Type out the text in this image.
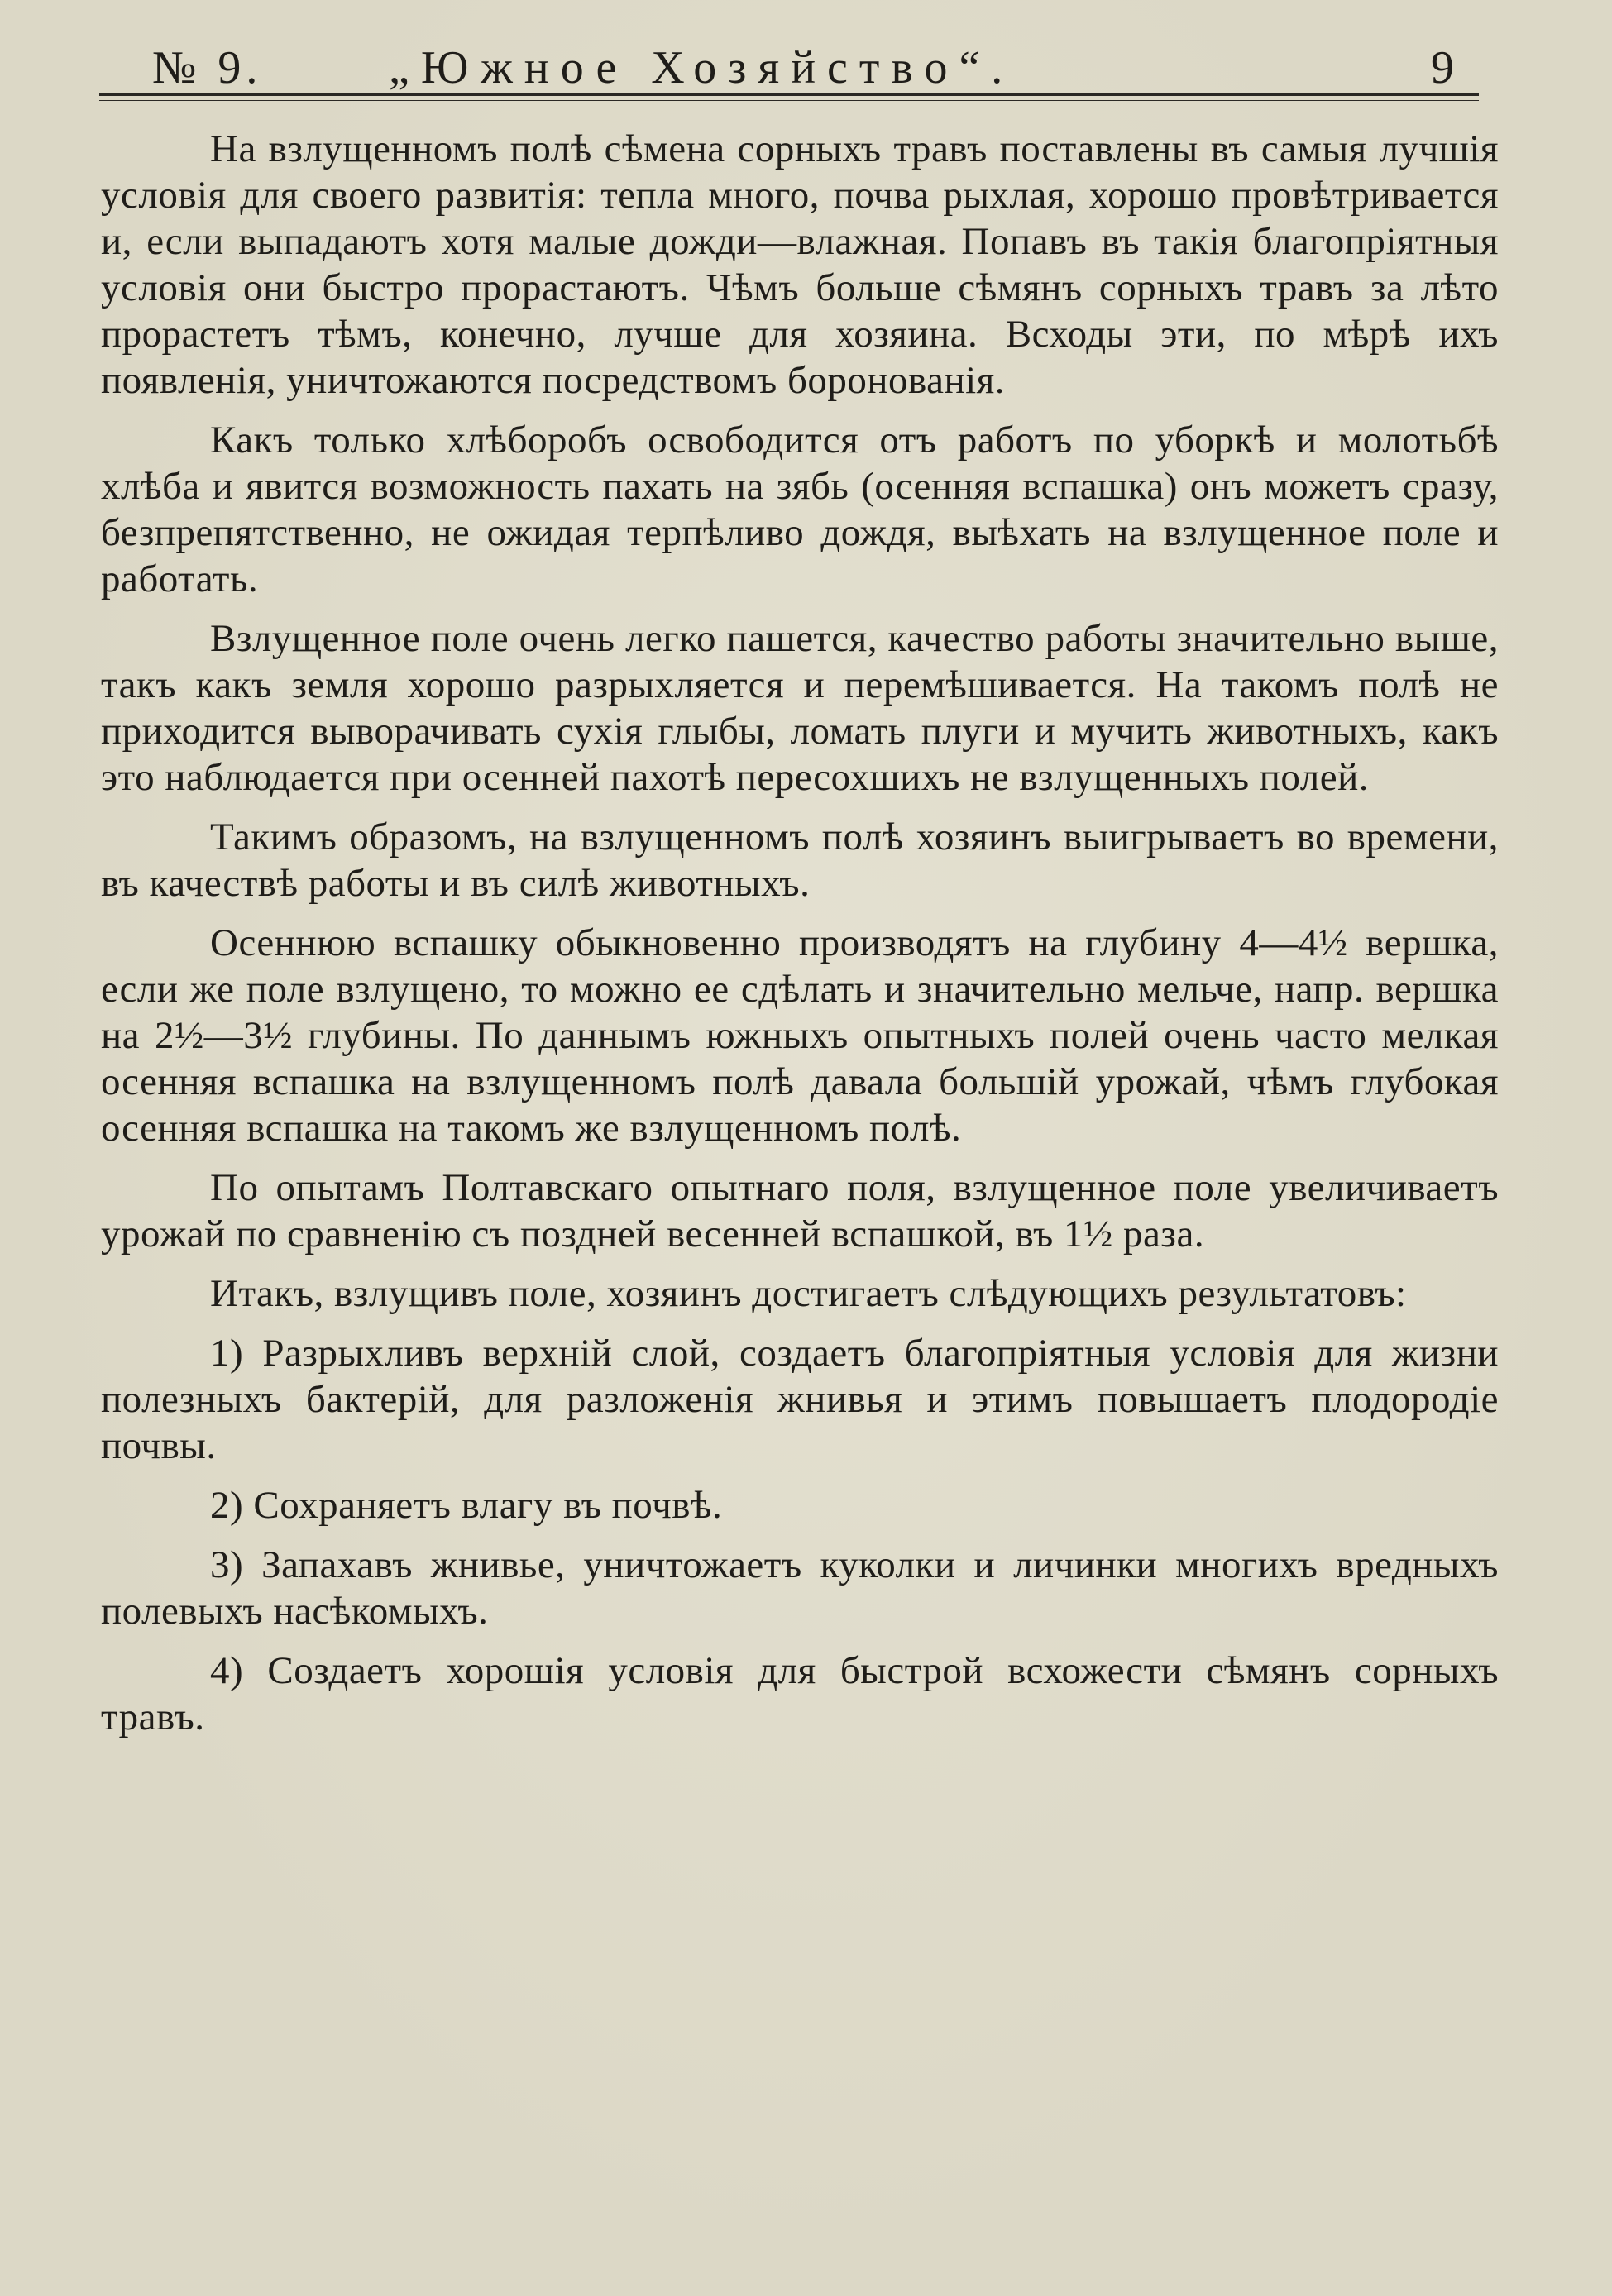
№ 9.	„Южное Хозяйство“.	9

На взлущенномъ полѣ сѣмена сорныхъ травъ поставлены въ самыя лучшія условія для своего развитія: тепла много, почва рыхлая, хорошо провѣтривается и, если выпадаютъ хотя малые дожди—влажная. Попавъ въ такія благопріятныя условія они быстро прорастаютъ. Чѣмъ больше сѣмянъ сорныхъ травъ за лѣто прорастетъ тѣмъ, конечно, лучше для хозяина. Всходы эти, по мѣрѣ ихъ появленія, уничтожаются посредствомъ боронованія.

Какъ только хлѣборобъ освободится отъ работъ по уборкѣ и молотьбѣ хлѣба и явится возможность пахать на зябь (осенняя вспашка) онъ можетъ сразу, безпрепятственно, не ожидая терпѣливо дождя, выѣхать на взлущенное поле и работать.

Взлущенное поле очень легко пашется, качество работы значительно выше, такъ какъ земля хорошо разрыхляется и перемѣшивается. На такомъ полѣ не приходится выворачивать сухія глыбы, ломать плуги и мучить животныхъ, какъ это наблюдается при осенней пахотѣ пересохшихъ не взлущенныхъ полей.

Такимъ образомъ, на взлущенномъ полѣ хозяинъ выигрываетъ во времени, въ качествѣ работы и въ силѣ животныхъ.

Осеннюю вспашку обыкновенно производятъ на глубину 4—4½ вершка, если же поле взлущено, то можно ее сдѣлать и значительно мельче, напр. вершка на 2½—3½ глубины. По даннымъ южныхъ опытныхъ полей очень часто мелкая осенняя вспашка на взлущенномъ полѣ давала большій урожай, чѣмъ глубокая осенняя вспашка на такомъ же взлущенномъ полѣ.

По опытамъ Полтавскаго опытнаго поля, взлущенное поле увеличиваетъ урожай по сравненію съ поздней весенней вспашкой, въ 1½ раза.

Итакъ, взлущивъ поле, хозяинъ достигаетъ слѣдующихъ результатовъ:

1) Разрыхливъ верхній слой, создаетъ благопріятныя условія для жизни полезныхъ бактерій, для разложенія жнивья и этимъ повышаетъ плодородіе почвы.

2) Сохраняетъ влагу въ почвѣ.

3) Запахавъ жнивье, уничтожаетъ куколки и личинки многихъ вредныхъ полевыхъ насѣкомыхъ.

4) Создаетъ хорошія условія для быстрой всхожести сѣмянъ сорныхъ травъ.
